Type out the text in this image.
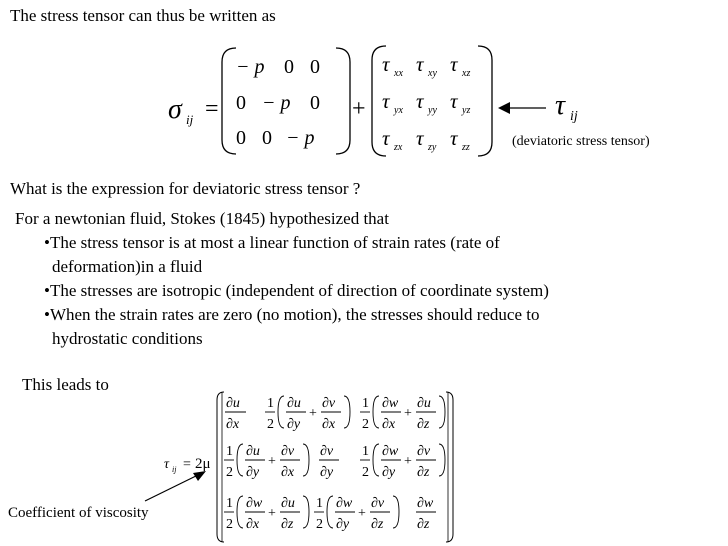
The stress tensor can thus be written as
σ ij =
− p 0 0
0 − p 0
0 0 − p
+
τ xx τ xy τ xz
τ yx τ yy τ yz
τ zx τ zy τ zz
τ ij
(deviatoric stress tensor)
What is the expression for deviatoric stress tensor ?
For a newtonian fluid, Stokes (1845) hypothesized that
•The stress tensor is at most a linear function of strain rates (rate of
deformation)in a fluid
•The stresses are isotropic (independent of direction of coordinate system)
•When the strain rates are zero (no motion), the stresses should reduce to
hydrostatic conditions
This leads to
τ ij = 2μ
∂u
∂x
1
2
∂u
∂y
+
∂v
∂x
1
2
∂w
∂x
+
∂u
∂z
1
2
∂u
∂y
+
∂v
∂x
∂v
∂y
1
2
∂w
∂y
+
∂v
∂z
1
2
∂w
∂x
+
∂u
∂z
1
2
∂w
∂y
+
∂v
∂z
∂w
∂z
Coefficient of viscosity
